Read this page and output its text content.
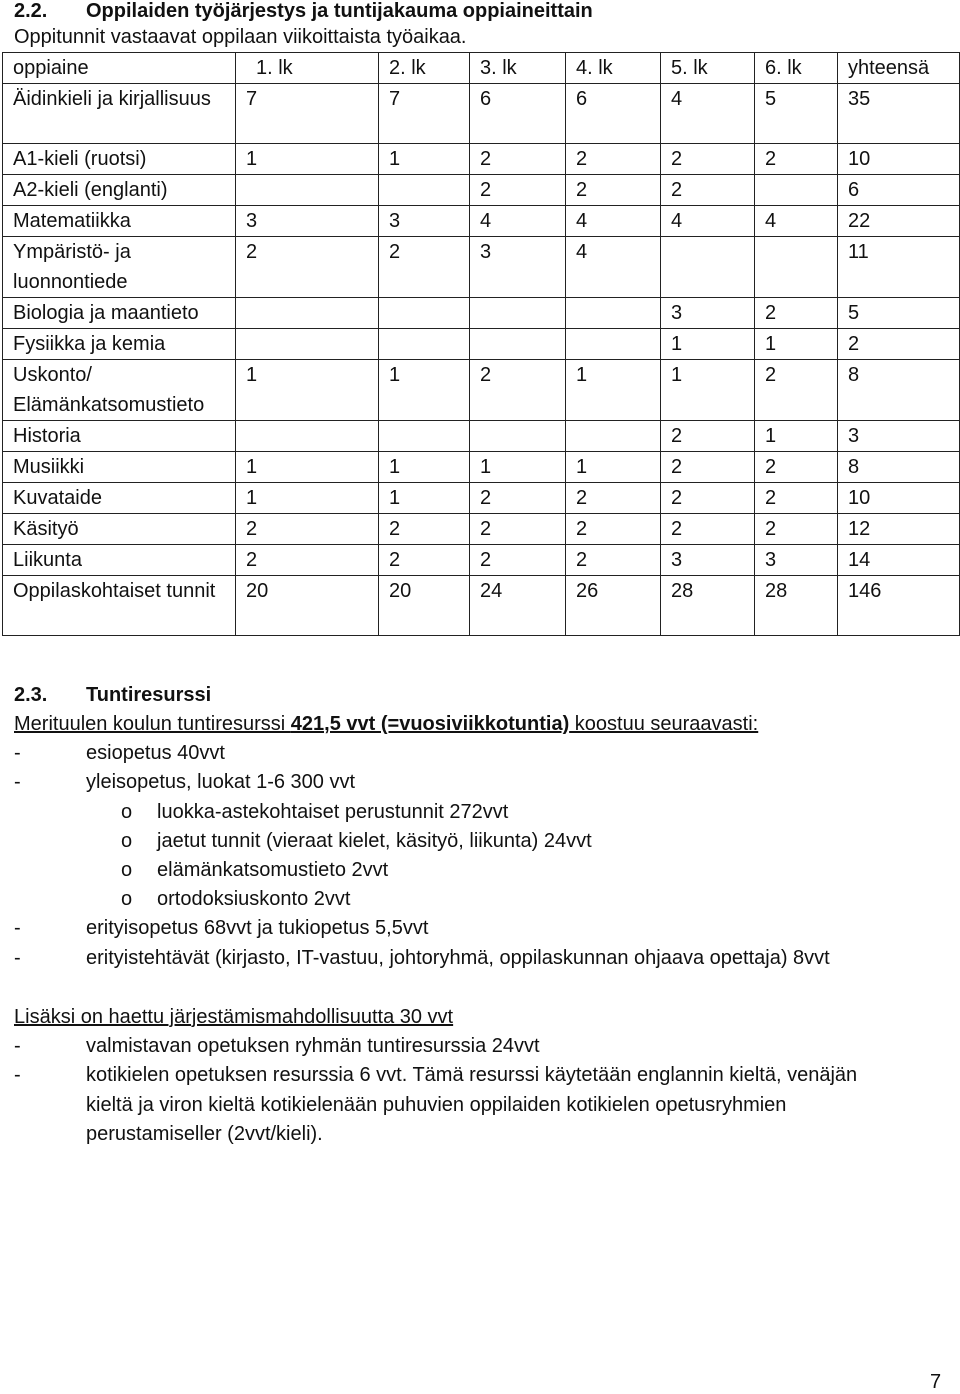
2.2. Oppilaiden työjärjestys ja tuntijakauma oppiaineittain
Oppitunnit vastaavat oppilaan viikoittaista työaikaa.
oppiaine	1. lk	2. lk	3. lk	4. lk	5. lk	6. lk	yhteensä
Äidinkieli ja kirjallisuus	7	7	6	6	4	5	35
A1-kieli (ruotsi)	1	1	2	2	2	2	10
A2-kieli (englanti)			2	2	2		6
Matematiikka	3	3	4	4	4	4	22
Ympäristö- ja luonnontiede	2	2	3	4			11
Biologia ja maantieto					3	2	5
Fysiikka ja kemia					1	1	2
Uskonto/ Elämänkatsomustieto	1	1	2	1	1	2	8
Historia					2	1	3
Musiikki	1	1	1	1	2	2	8
Kuvataide	1	1	2	2	2	2	10
Käsityö	2	2	2	2	2	2	12
Liikunta	2	2	2	2	3	3	14
Oppilaskohtaiset tunnit	20	20	24	26	28	28	146
2.3. Tuntiresurssi
Merituulen koulun tuntiresurssi 421,5 vvt (=vuosiviikkotuntia) koostuu seuraavasti:
-	esiopetus 40vvt
-	yleisopetus, luokat 1-6 300 vvt
o luokka-astekohtaiset perustunnit 272vvt
o jaetut tunnit (vieraat kielet, käsityö, liikunta) 24vvt
o elämänkatsomustieto 2vvt
o ortodoksiuskonto 2vvt
-	erityisopetus 68vvt ja tukiopetus 5,5vvt
-	erityistehtävät (kirjasto, IT-vastuu, johtoryhmä, oppilaskunnan ohjaava opettaja) 8vvt
Lisäksi on haettu järjestämismahdollisuutta 30 vvt
-	valmistavan opetuksen ryhmän tuntiresurssia 24vvt
-	kotikielen opetuksen resurssia 6 vvt. Tämä resurssi käytetään englannin kieltä, venäjän
kieltä ja viron kieltä kotikielenään puhuvien oppilaiden kotikielen opetusryhmien
perustamiseller (2vvt/kieli).
7
